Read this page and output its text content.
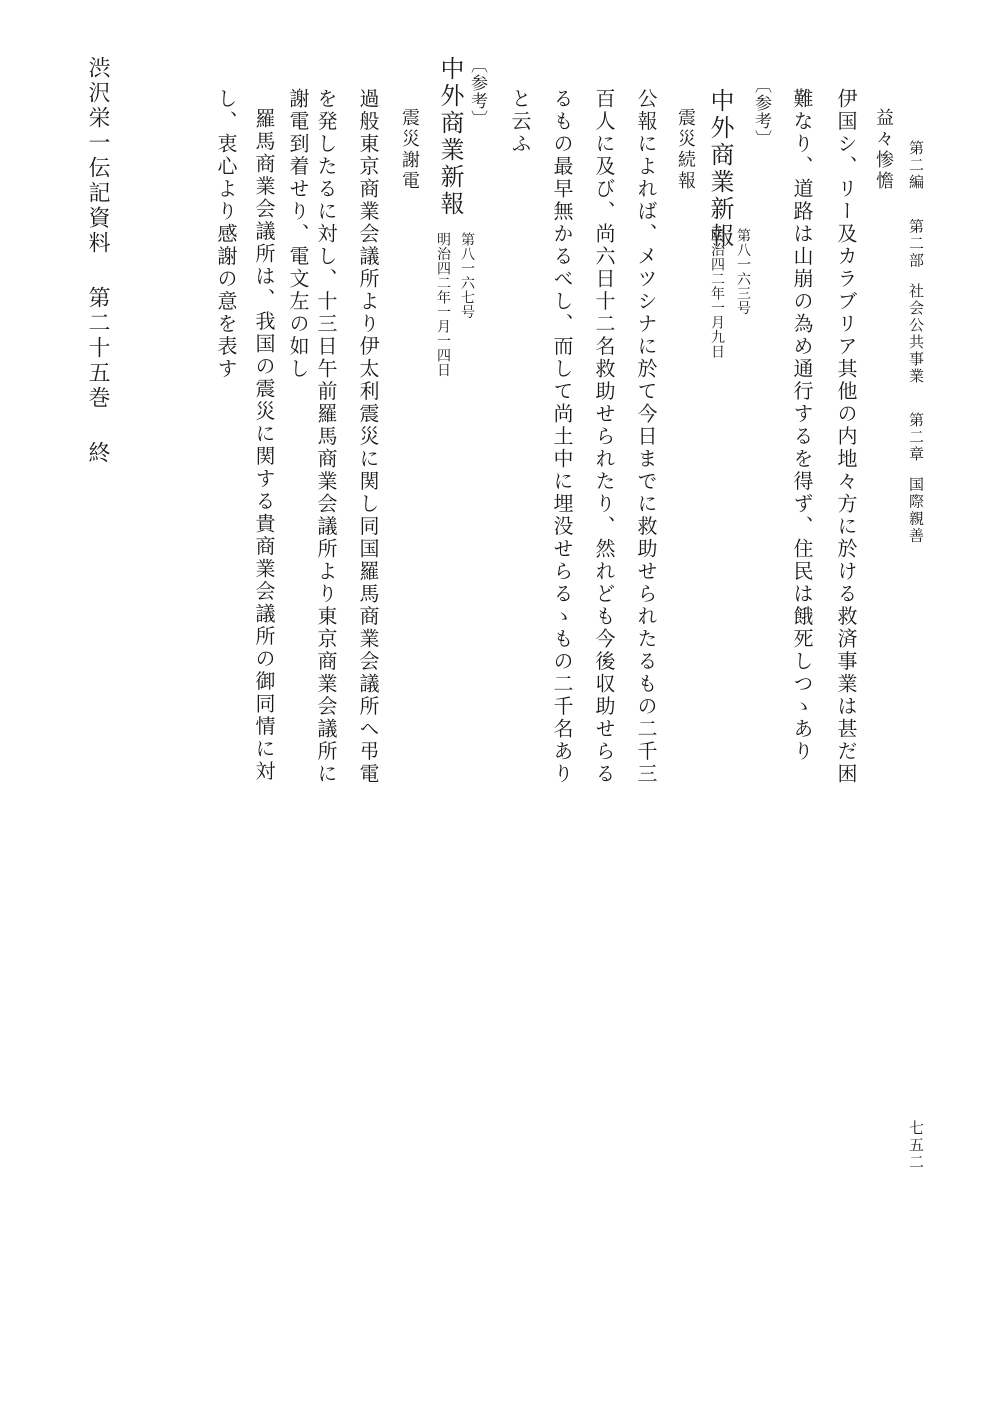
第二編    第二部  社会公共事業    第二章  国際親善
七五二
益々惨憺
伊国シ、リー及カラブリア其他の内地々方に於ける救済事業は甚だ困
難なり、道路は山崩の為め通行するを得ず、住民は餓死しつゝあり
〔参考〕
中外商業新報
第八一六三号
明治四二年一月九日
震災続報
公報によれば、メツシナに於て今日までに救助せられたるもの二千三
百人に及び、尚六日十二名救助せられたり、然れども今後収助せらる
るもの最早無かるべし、而して尚土中に埋没せらるゝもの二千名あり
と云ふ
〔参考〕
中外商業新報
第八一六七号
明治四二年一月一四日
震災謝電
過般東京商業会議所より伊太利震災に関し同国羅馬商業会議所へ弔電
を発したるに対し、十三日午前羅馬商業会議所より東京商業会議所に
謝電到着せり、電文左の如し
羅馬商業会議所は、我国の震災に関する貴商業会議所の御同情に対
し、衷心より感謝の意を表す
渋沢栄一伝記資料   第二十五巻   終
